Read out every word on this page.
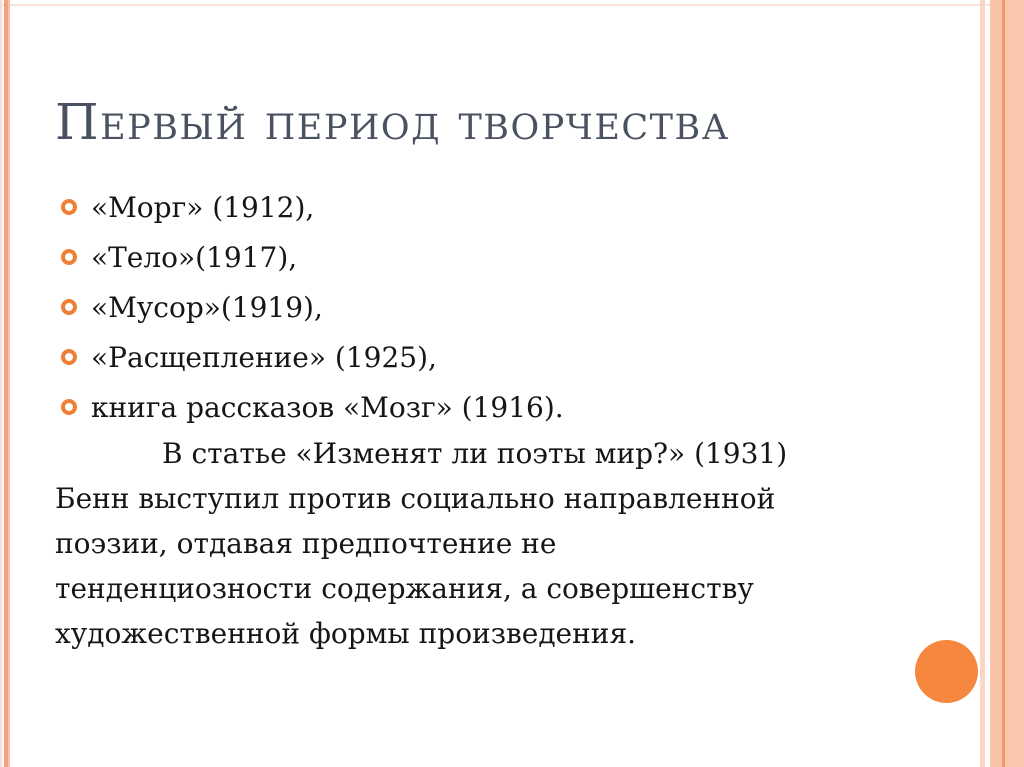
Первый период творчества
«Морг» (1912),
«Тело»(1917),
«Мусор»(1919),
«Расщепление» (1925),
книга рассказов «Мозг» (1916).
В статье «Изменят ли поэты мир?» (1931)
Бенн выступил против социально направленной
поэзии, отдавая предпочтение не
тенденциозности содержания, а совершенству
художественной формы произведения.
